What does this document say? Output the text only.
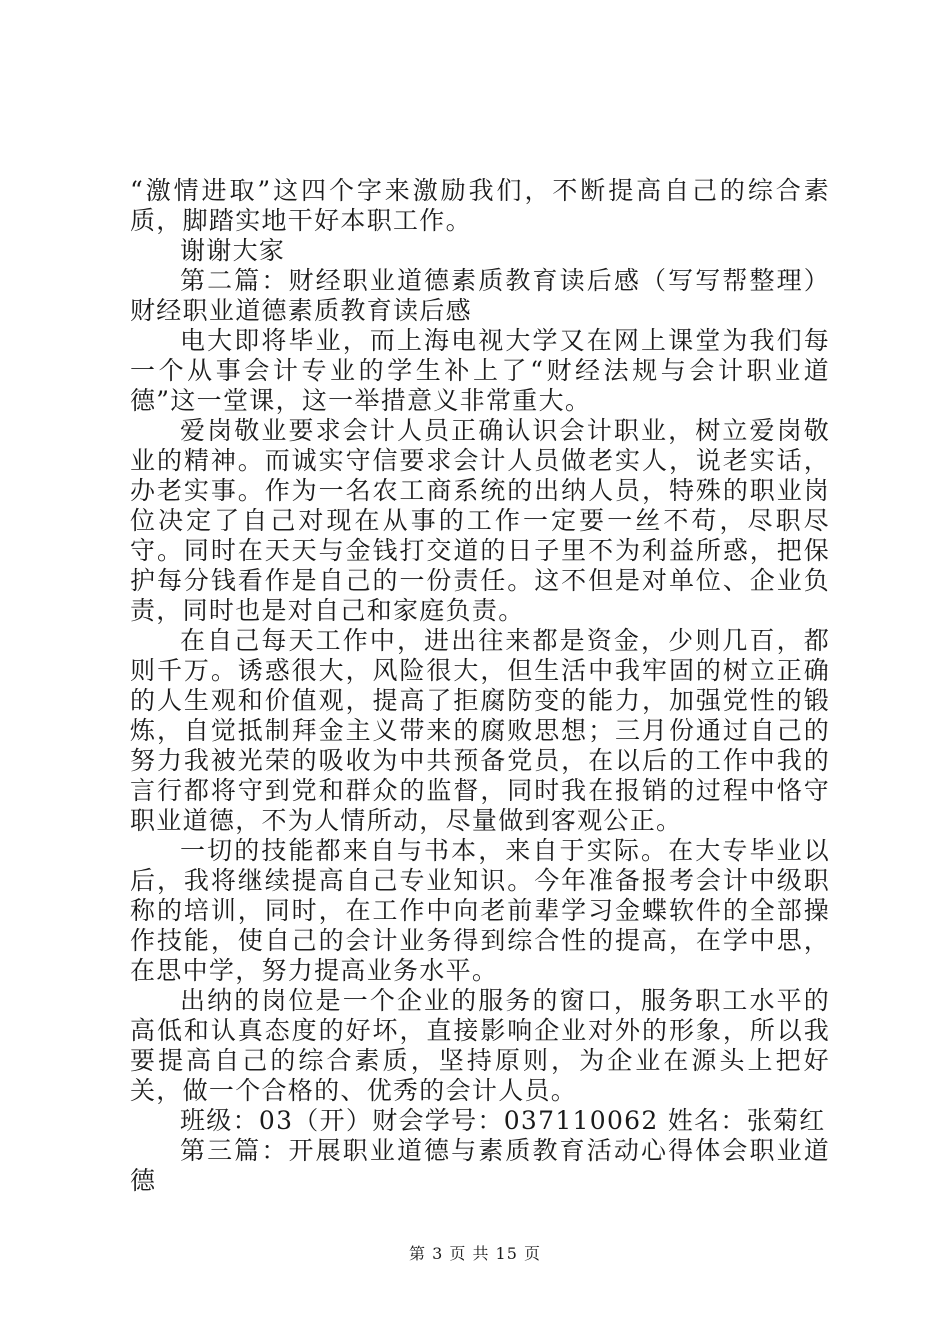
“激情进取”这四个字来激励我们，不断提高自己的综合素质，脚踏实地干好本职工作。

谢谢大家

第二篇：财经职业道德素质教育读后感（写写帮整理）财经职业道德素质教育读后感

电大即将毕业，而上海电视大学又在网上课堂为我们每一个从事会计专业的学生补上了“财经法规与会计职业道德”这一堂课，这一举措意义非常重大。

爱岗敬业要求会计人员正确认识会计职业，树立爱岗敬业的精神。而诚实守信要求会计人员做老实人，说老实话，办老实事。作为一名农工商系统的出纳人员，特殊的职业岗位决定了自己对现在从事的工作一定要一丝不苟，尽职尽守。同时在天天与金钱打交道的日子里不为利益所惑，把保护每分钱看作是自己的一份责任。这不但是对单位、企业负责，同时也是对自己和家庭负责。

在自己每天工作中，进出往来都是资金，少则几百，都则千万。诱惑很大，风险很大，但生活中我牢固的树立正确的人生观和价值观，提高了拒腐防变的能力，加强党性的锻炼，自觉抵制拜金主义带来的腐败思想；三月份通过自己的努力我被光荣的吸收为中共预备党员，在以后的工作中我的言行都将守到党和群众的监督，同时我在报销的过程中恪守职业道德，不为人情所动，尽量做到客观公正。

一切的技能都来自与书本，来自于实际。在大专毕业以后，我将继续提高自己专业知识。今年准备报考会计中级职称的培训，同时，在工作中向老前辈学习金蝶软件的全部操作技能，使自己的会计业务得到综合性的提高，在学中思，在思中学，努力提高业务水平。

出纳的岗位是一个企业的服务的窗口，服务职工水平的高低和认真态度的好坏，直接影响企业对外的形象，所以我要提高自己的综合素质，坚持原则，为企业在源头上把好关，做一个合格的、优秀的会计人员。

班级：03（开）财会学号：037110062 姓名：张菊红

第三篇：开展职业道德与素质教育活动心得体会职业道德

第 3 页 共 15 页
